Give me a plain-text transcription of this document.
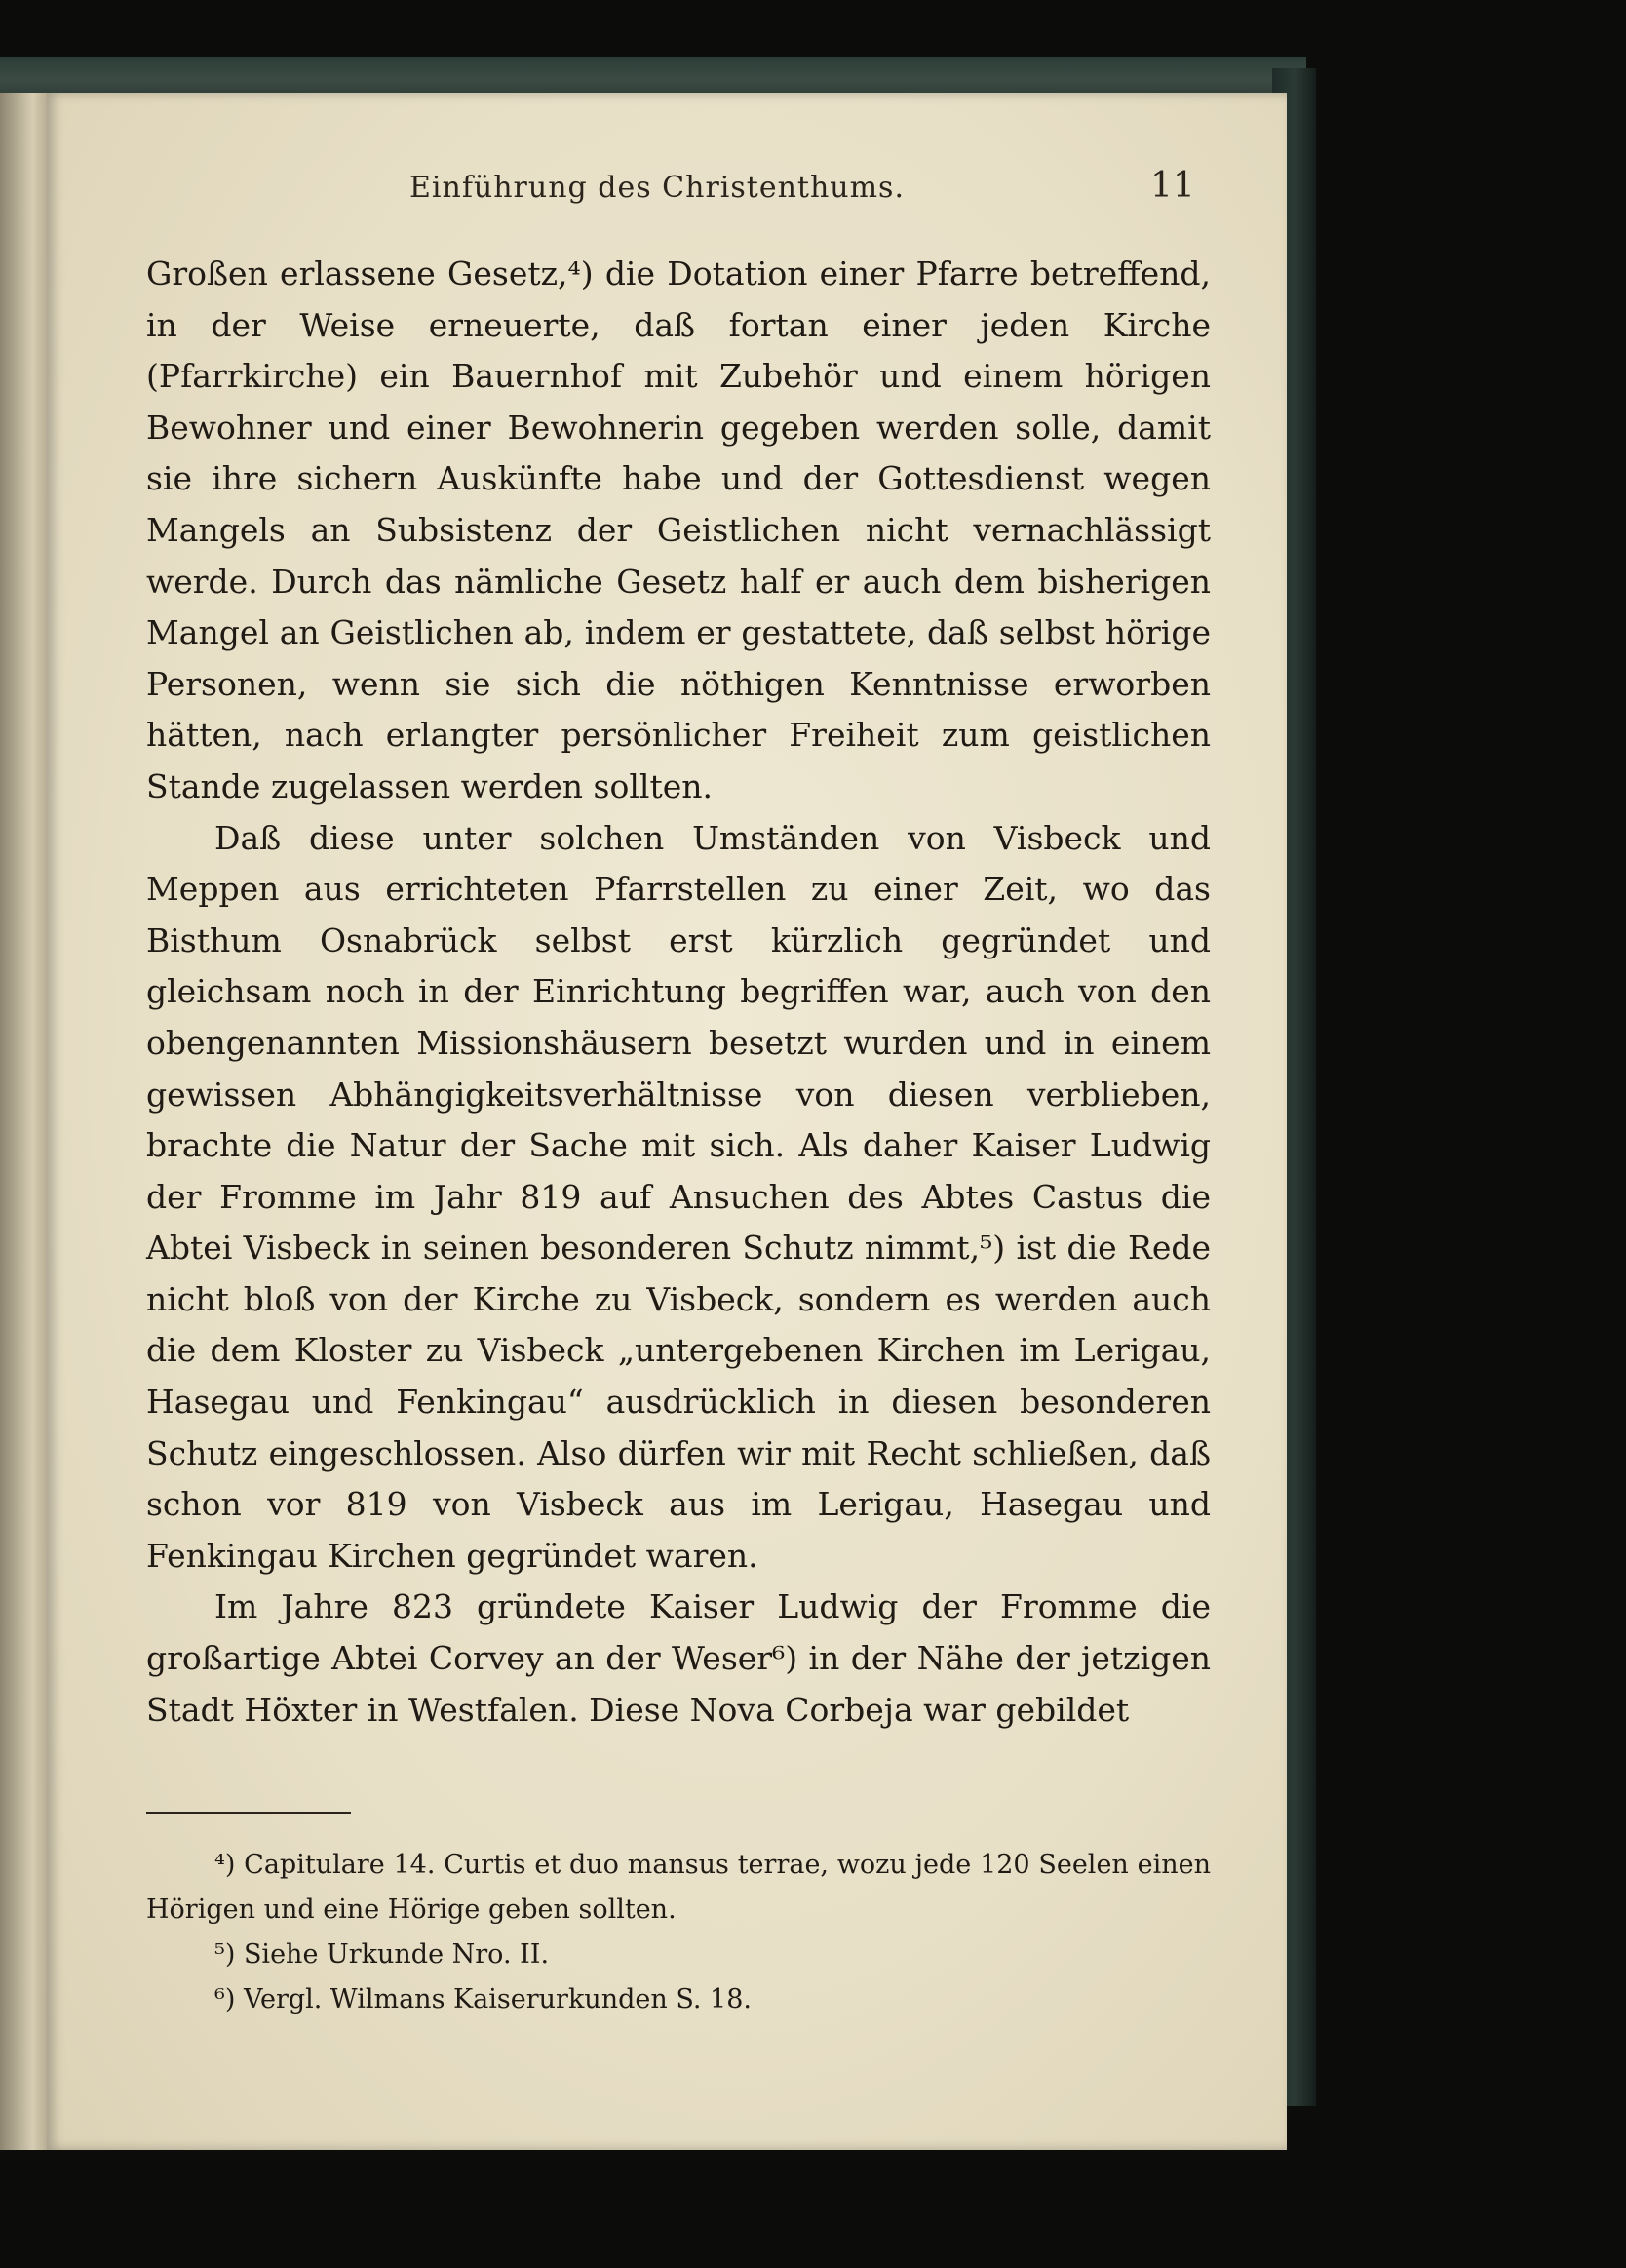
Einführung des Christenthums.	11

Großen erlassene Gesetz,⁴) die Dotation einer Pfarre betreffend, in der Weise erneuerte, daß fortan einer jeden Kirche (Pfarrkirche) ein Bauernhof mit Zubehör und einem hörigen Bewohner und einer Bewohnerin gegeben werden solle, damit sie ihre sichern Auskünfte habe und der Gottesdienst wegen Mangels an Subsistenz der Geistlichen nicht vernachlässigt werde. Durch das nämliche Gesetz half er auch dem bisherigen Mangel an Geistlichen ab, indem er gestattete, daß selbst hörige Personen, wenn sie sich die nöthigen Kenntnisse erworben hätten, nach erlangter persönlicher Freiheit zum geistlichen Stande zugelassen werden sollten.

Daß diese unter solchen Umständen von Visbeck und Meppen aus errichteten Pfarrstellen zu einer Zeit, wo das Bisthum Osnabrück selbst erst kürzlich gegründet und gleichsam noch in der Einrichtung begriffen war, auch von den obengenannten Missionshäusern besetzt wurden und in einem gewissen Abhängigkeitsverhältnisse von diesen verblieben, brachte die Natur der Sache mit sich. Als daher Kaiser Ludwig der Fromme im Jahr 819 auf Ansuchen des Abtes Castus die Abtei Visbeck in seinen besonderen Schutz nimmt,⁵) ist die Rede nicht bloß von der Kirche zu Visbeck, sondern es werden auch die dem Kloster zu Visbeck „untergebenen Kirchen im Lerigau, Hasegau und Fenkingau“ ausdrücklich in diesen besonderen Schutz eingeschlossen. Also dürfen wir mit Recht schließen, daß schon vor 819 von Visbeck aus im Lerigau, Hasegau und Fenkingau Kirchen gegründet waren.

Im Jahre 823 gründete Kaiser Ludwig der Fromme die großartige Abtei Corvey an der Weser⁶) in der Nähe der jetzigen Stadt Höxter in Westfalen. Diese Nova Corbeja war gebildet

⁴) Capitulare 14. Curtis et duo mansus terrae, wozu jede 120 Seelen einen Hörigen und eine Hörige geben sollten.

⁵) Siehe Urkunde Nro. II.

⁶) Vergl. Wilmans Kaiserurkunden S. 18.
